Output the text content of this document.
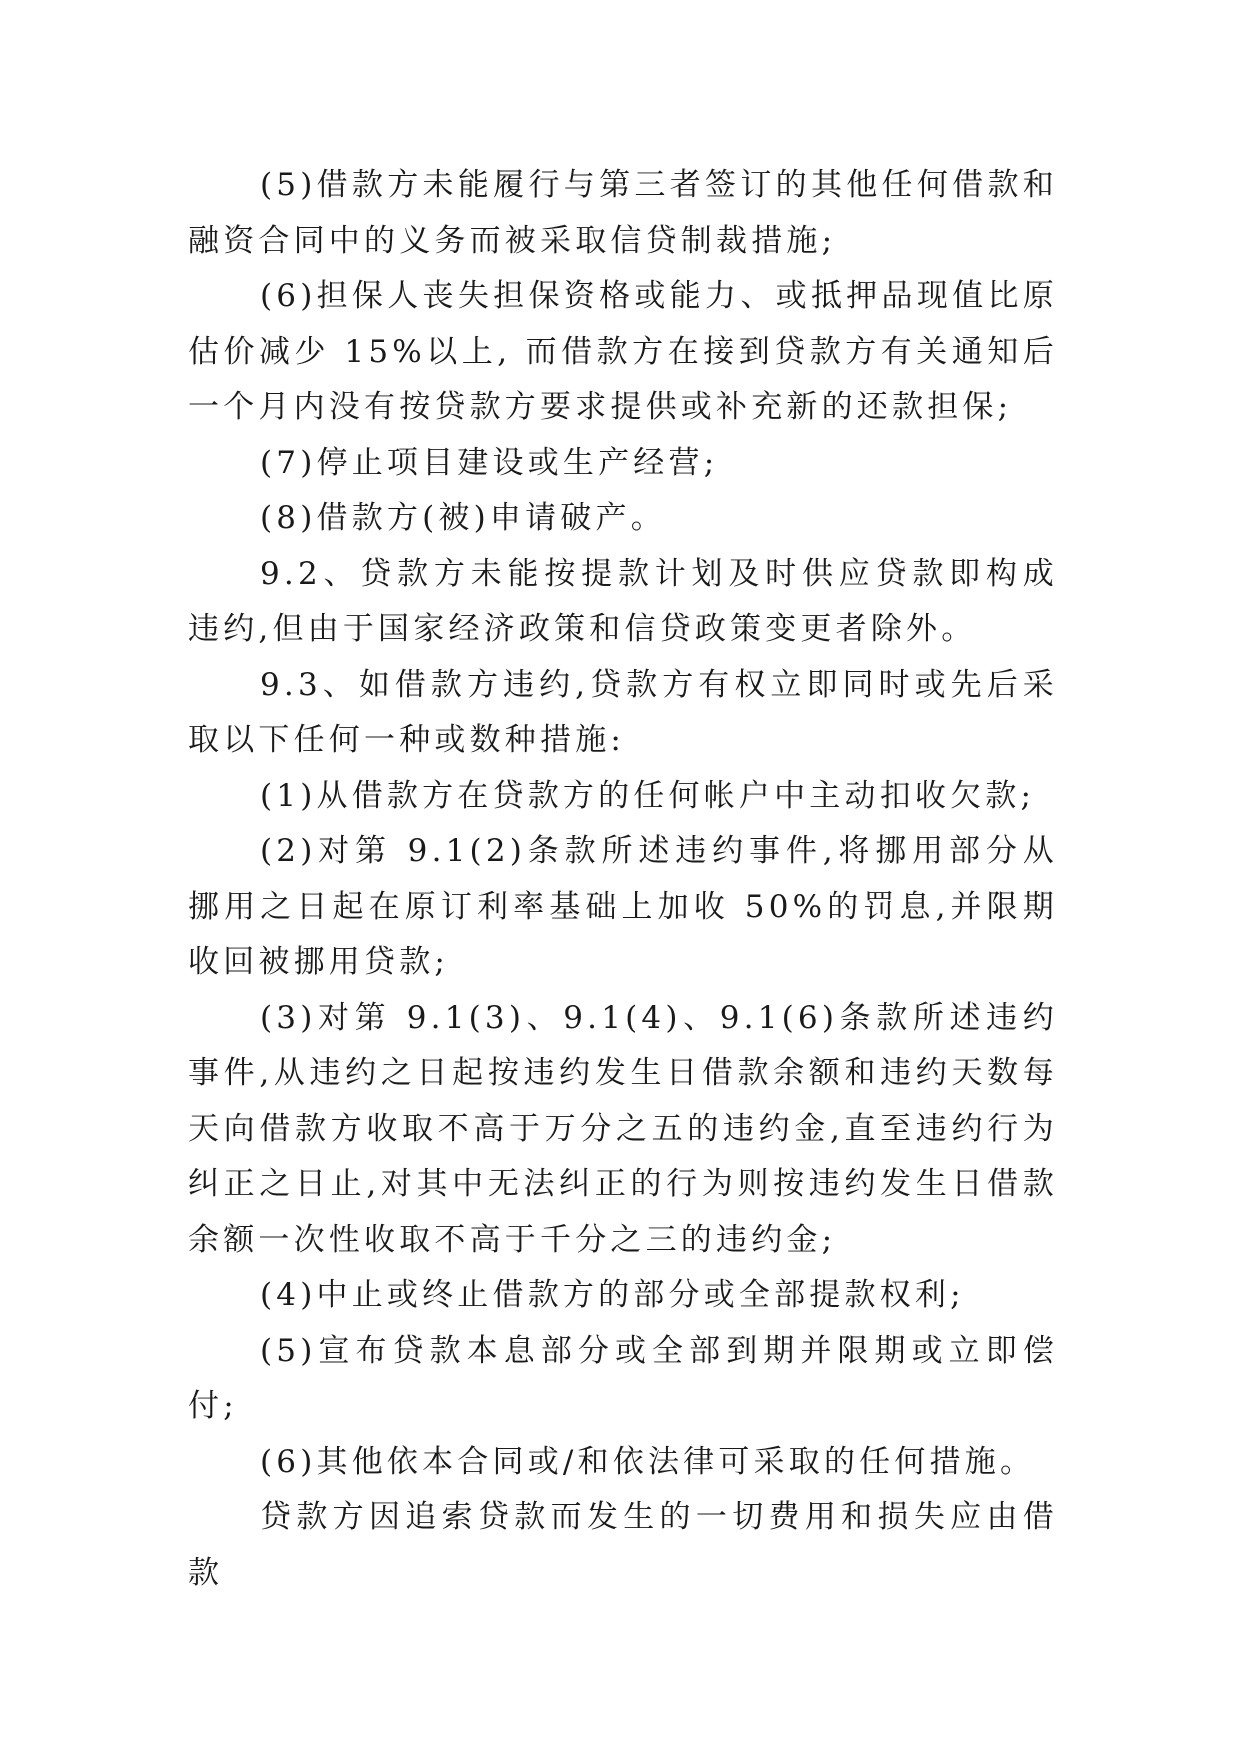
(5)借款方未能履行与第三者签订的其他任何借款和融资合同中的义务而被采取信贷制裁措施;

(6)担保人丧失担保资格或能力、或抵押品现值比原估价减少 15%以上, 而借款方在接到贷款方有关通知后一个月内没有按贷款方要求提供或补充新的还款担保;

(7)停止项目建设或生产经营;

(8)借款方(被)申请破产。

9.2、贷款方未能按提款计划及时供应贷款即构成违约,但由于国家经济政策和信贷政策变更者除外。

9.3、如借款方违约,贷款方有权立即同时或先后采取以下任何一种或数种措施:

(1)从借款方在贷款方的任何帐户中主动扣收欠款;

(2)对第 9.1(2)条款所述违约事件,将挪用部分从挪用之日起在原订利率基础上加收 50%的罚息,并限期收回被挪用贷款;

(3)对第 9.1(3)、9.1(4)、9.1(6)条款所述违约事件,从违约之日起按违约发生日借款余额和违约天数每天向借款方收取不高于万分之五的违约金,直至违约行为纠正之日止,对其中无法纠正的行为则按违约发生日借款余额一次性收取不高于千分之三的违约金;

(4)中止或终止借款方的部分或全部提款权利;

(5)宣布贷款本息部分或全部到期并限期或立即偿付;

(6)其他依本合同或/和依法律可采取的任何措施。

贷款方因追索贷款而发生的一切费用和损失应由借款
